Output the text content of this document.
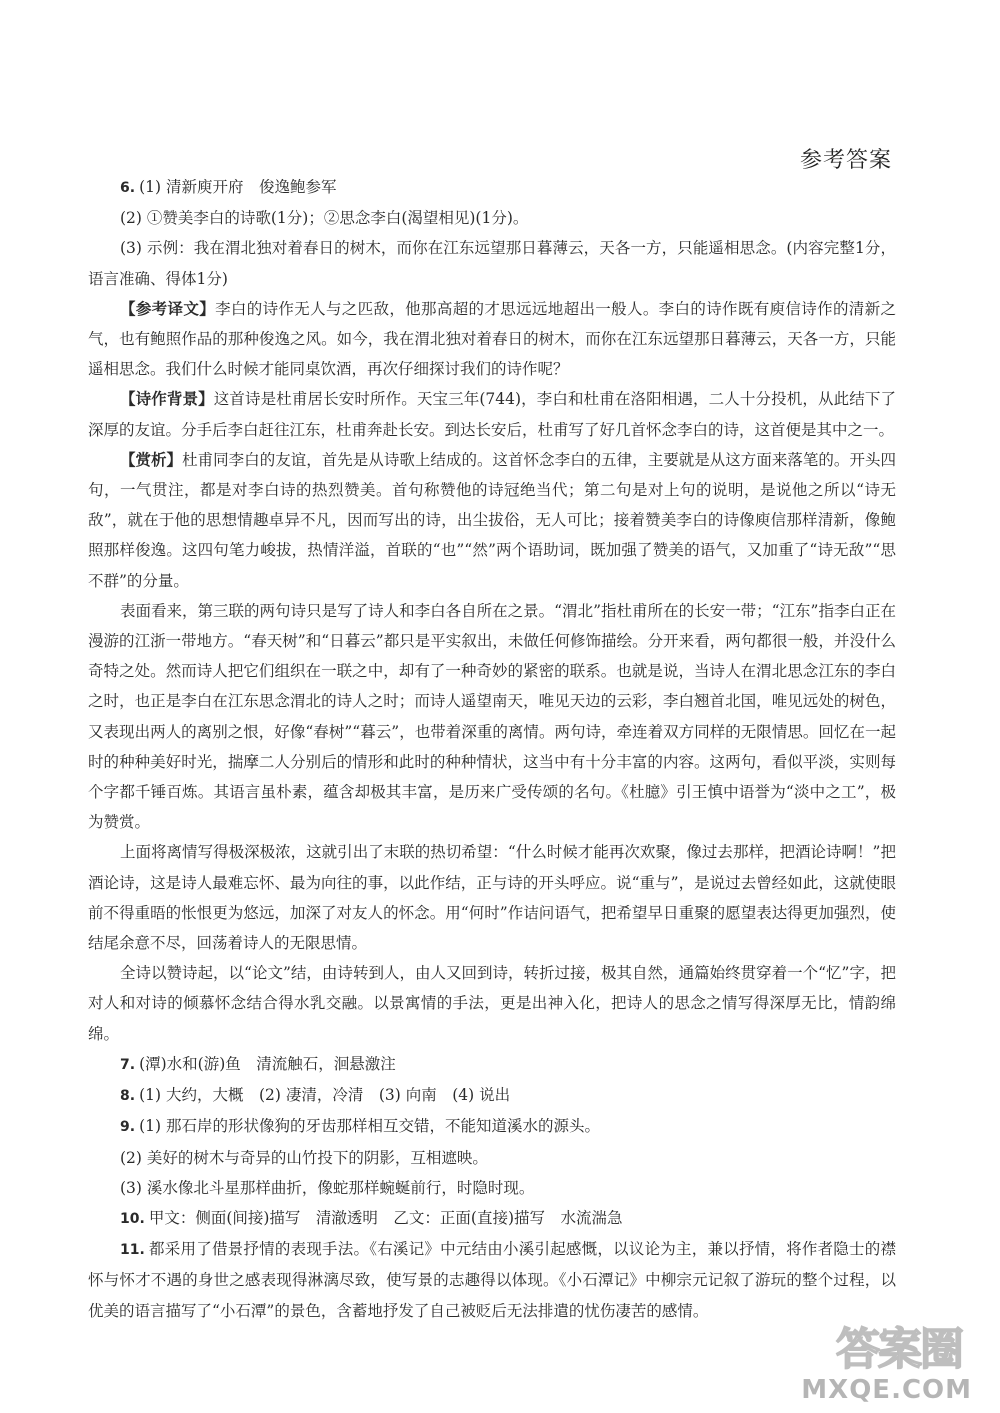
参考答案

6. (1) 清新庾开府　俊逸鲍参军

(2) ①赞美李白的诗歌(1分)；②思念李白(渴望相见)(1分)。

(3) 示例：我在渭北独对着春日的树木，而你在江东远望那日暮薄云，天各一方，只能遥相思念。(内容完整1分，语言准确、得体1分)

【参考译文】李白的诗作无人与之匹敌，他那高超的才思远远地超出一般人。李白的诗作既有庾信诗作的清新之气，也有鲍照作品的那种俊逸之风。如今，我在渭北独对着春日的树木，而你在江东远望那日暮薄云，天各一方，只能遥相思念。我们什么时候才能同桌饮酒，再次仔细探讨我们的诗作呢？

【诗作背景】这首诗是杜甫居长安时所作。天宝三年(744)，李白和杜甫在洛阳相遇，二人十分投机，从此结下了深厚的友谊。分手后李白赶往江东，杜甫奔赴长安。到达长安后，杜甫写了好几首怀念李白的诗，这首便是其中之一。

【赏析】杜甫同李白的友谊，首先是从诗歌上结成的。这首怀念李白的五律，主要就是从这方面来落笔的。开头四句，一气贯注，都是对李白诗的热烈赞美。首句称赞他的诗冠绝当代；第二句是对上句的说明，是说他之所以“诗无敌”，就在于他的思想情趣卓异不凡，因而写出的诗，出尘拔俗，无人可比；接着赞美李白的诗像庾信那样清新，像鲍照那样俊逸。这四句笔力峻拔，热情洋溢，首联的“也”“然”两个语助词，既加强了赞美的语气，又加重了“诗无敌”“思不群”的分量。

表面看来，第三联的两句诗只是写了诗人和李白各自所在之景。“渭北”指杜甫所在的长安一带；“江东”指李白正在漫游的江浙一带地方。“春天树”和“日暮云”都只是平实叙出，未做任何修饰描绘。分开来看，两句都很一般，并没什么奇特之处。然而诗人把它们组织在一联之中，却有了一种奇妙的紧密的联系。也就是说，当诗人在渭北思念江东的李白之时，也正是李白在江东思念渭北的诗人之时；而诗人遥望南天，唯见天边的云彩，李白翘首北国，唯见远处的树色，又表现出两人的离别之恨，好像“春树”“暮云”，也带着深重的离情。两句诗，牵连着双方同样的无限情思。回忆在一起时的种种美好时光，揣摩二人分别后的情形和此时的种种情状，这当中有十分丰富的内容。这两句，看似平淡，实则每个字都千锤百炼。其语言虽朴素，蕴含却极其丰富，是历来广受传颂的名句。《杜臆》引王慎中语誉为“淡中之工”，极为赞赏。

上面将离情写得极深极浓，这就引出了末联的热切希望：“什么时候才能再次欢聚，像过去那样，把酒论诗啊！”把酒论诗，这是诗人最难忘怀、最为向往的事，以此作结，正与诗的开头呼应。说“重与”，是说过去曾经如此，这就使眼前不得重晤的怅恨更为悠远，加深了对友人的怀念。用“何时”作诘问语气，把希望早日重聚的愿望表达得更加强烈，使结尾余意不尽，回荡着诗人的无限思情。

全诗以赞诗起，以“论文”结，由诗转到人，由人又回到诗，转折过接，极其自然，通篇始终贯穿着一个“忆”字，把对人和对诗的倾慕怀念结合得水乳交融。以景寓情的手法，更是出神入化，把诗人的思念之情写得深厚无比，情韵绵绵。

7. (潭)水和(游)鱼　清流触石，洄悬激注

8. (1) 大约，大概　(2) 凄清，冷清　(3) 向南　(4) 说出

9. (1) 那石岸的形状像狗的牙齿那样相互交错，不能知道溪水的源头。

(2) 美好的树木与奇异的山竹投下的阴影，互相遮映。

(3) 溪水像北斗星那样曲折，像蛇那样蜿蜒前行，时隐时现。

10. 甲文：侧面(间接)描写　清澈透明　乙文：正面(直接)描写　水流湍急

11. 都采用了借景抒情的表现手法。《右溪记》中元结由小溪引起感慨，以议论为主，兼以抒情，将作者隐士的襟怀与怀才不遇的身世之感表现得淋漓尽致，使写景的志趣得以体现。《小石潭记》中柳宗元记叙了游玩的整个过程，以优美的语言描写了“小石潭”的景色，含蓄地抒发了自己被贬后无法排遣的忧伤凄苦的感情。

答案圈
MXQE.COM
